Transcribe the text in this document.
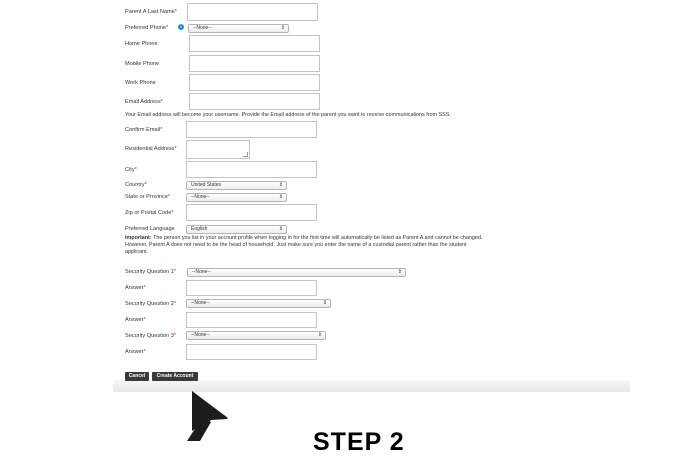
Parent A Last Name*
Preferred Phone*	i	--None--	⇕
Home Phone
Mobile Phone
Work Phone
Email Address*
Your Email address will become your username. Provide the Email address of the parent you want to receive communications from SSS.
Confirm Email*
Residential Address*
City*
Country*	United States	⇕
State or Province*	--None--	⇕
Zip or Postal Code*
Preferred Language	English	⇕
Important: The person you list in your account profile when logging in for the first time will automatically be listed as Parent A and cannot be changed.
However, Parent A does not need to be the head of household. Just make sure you enter the name of a custodial parent rather than the student
applicant.
Security Question 1*	--None--	⇕
Answer*
Security Question 2*	--None--	⇕
Answer*
Security Question 3*	--None--	⇕
Answer*
Cancel	Create Account
STEP 2
